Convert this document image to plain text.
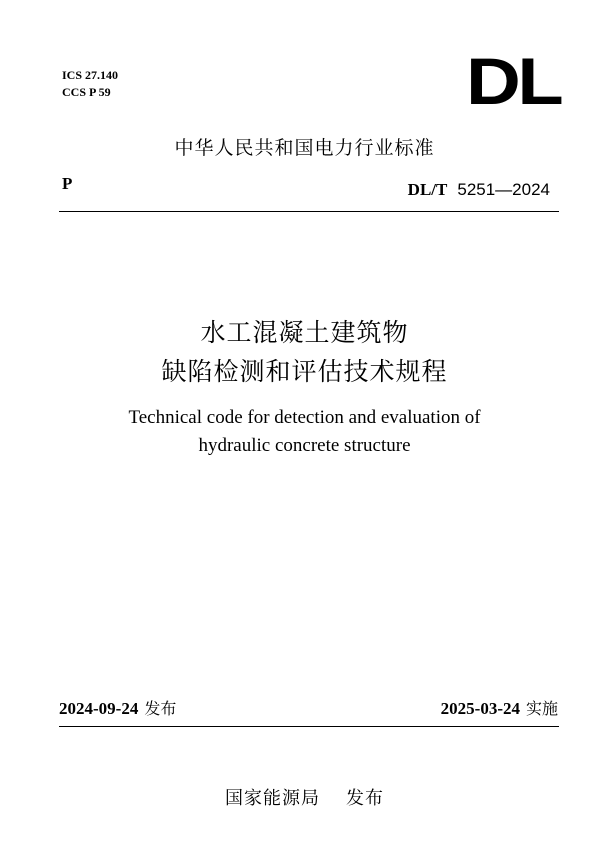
ICS 27.140
CCS P 59	DL
中华人民共和国电力行业标准
P	DL/T 5251—2024
水工混凝土建筑物
缺陷检测和评估技术规程
Technical code for detection and evaluation of
hydraulic concrete structure
2024-09-24 发布	2025-03-24 实施
国家能源局 发布
